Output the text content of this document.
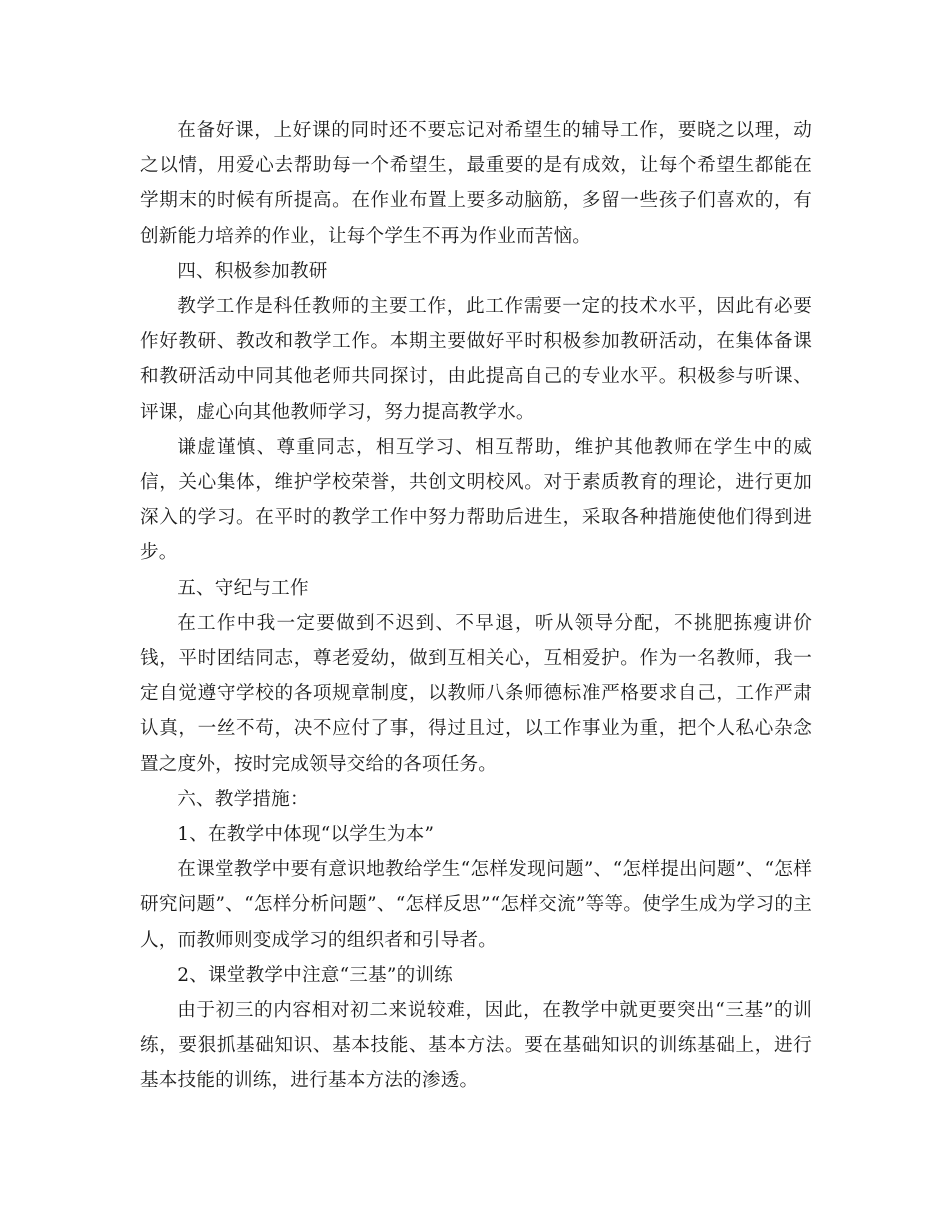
在备好课，上好课的同时还不要忘记对希望生的辅导工作，要晓之以理，动之以情，用爱心去帮助每一个希望生，最重要的是有成效，让每个希望生都能在学期末的时候有所提高。在作业布置上要多动脑筋，多留一些孩子们喜欢的，有创新能力培养的作业，让每个学生不再为作业而苦恼。

四、积极参加教研

教学工作是科任教师的主要工作，此工作需要一定的技术水平，因此有必要作好教研、教改和教学工作。本期主要做好平时积极参加教研活动，在集体备课和教研活动中同其他老师共同探讨，由此提高自己的专业水平。积极参与听课、评课，虚心向其他教师学习，努力提高教学水。

谦虚谨慎、尊重同志，相互学习、相互帮助，维护其他教师在学生中的威信，关心集体，维护学校荣誉，共创文明校风。对于素质教育的理论，进行更加深入的学习。在平时的教学工作中努力帮助后进生，采取各种措施使他们得到进步。

五、守纪与工作

在工作中我一定要做到不迟到、不早退，听从领导分配，不挑肥拣瘦讲价钱，平时团结同志，尊老爱幼，做到互相关心，互相爱护。作为一名教师，我一定自觉遵守学校的各项规章制度，以教师八条师德标准严格要求自己，工作严肃认真，一丝不苟，决不应付了事，得过且过，以工作事业为重，把个人私心杂念置之度外，按时完成领导交给的各项任务。

六、教学措施：

1、在教学中体现“以学生为本”

在课堂教学中要有意识地教给学生“怎样发现问题”、“怎样提出问题”、“怎样研究问题”、“怎样分析问题”、“怎样反思”“怎样交流”等等。使学生成为学习的主人，而教师则变成学习的组织者和引导者。

2、课堂教学中注意“三基”的训练

由于初三的内容相对初二来说较难，因此，在教学中就更要突出“三基”的训练，要狠抓基础知识、基本技能、基本方法。要在基础知识的训练基础上，进行基本技能的训练，进行基本方法的渗透。
